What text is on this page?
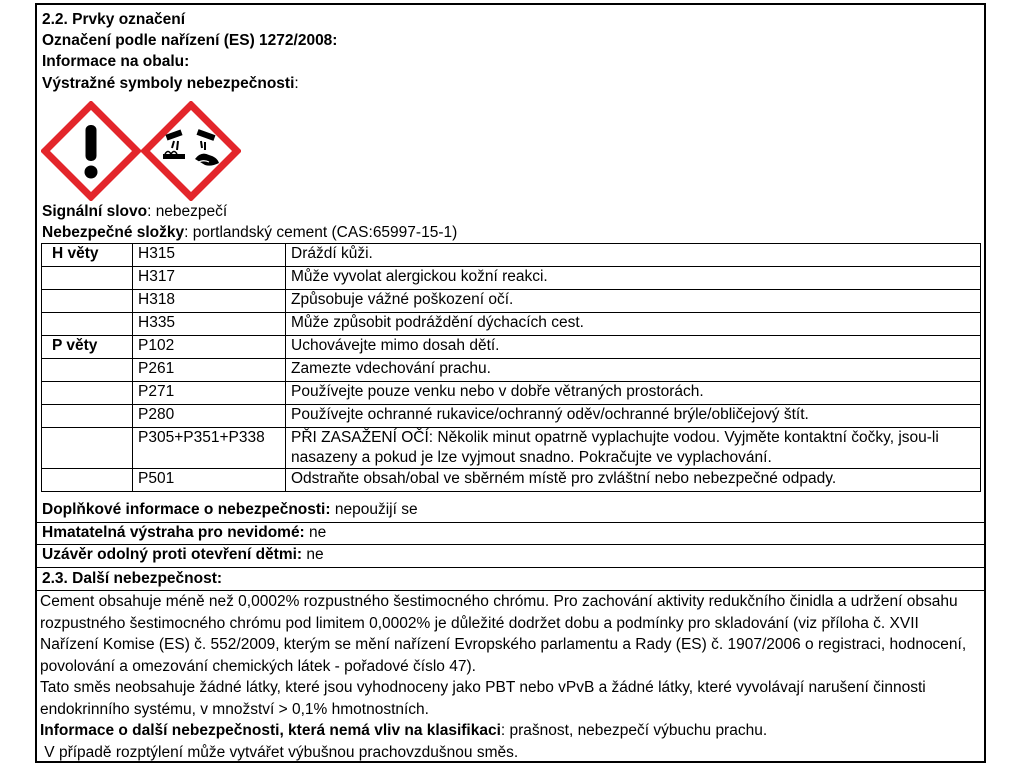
2.2. Prvky označení
Označení podle nařízení (ES) 1272/2008:
Informace na obalu:
Výstražné symboly nebezpečnosti:
Signální slovo: nebezpečí
Nebezpečné složky: portlandský cement (CAS:65997-15-1)
H věty	H315	Dráždí kůži.
	H317	Může vyvolat alergickou kožní reakci.
	H318	Způsobuje vážné poškození očí.
	H335	Může způsobit podráždění dýchacích cest.
P věty	P102	Uchovávejte mimo dosah dětí.
	P261	Zamezte vdechování prachu.
	P271	Používejte pouze venku nebo v dobře větraných prostorách.
	P280	Používejte ochranné rukavice/ochranný oděv/ochranné brýle/obličejový štít.
	P305+P351+P338	PŘI ZASAŽENÍ OČÍ: Několik minut opatrně vyplachujte vodou. Vyjměte kontaktní čočky, jsou-li nasazeny a pokud je lze vyjmout snadno. Pokračujte ve vyplachování.
	P501	Odstraňte obsah/obal ve sběrném místě pro zvláštní nebo nebezpečné odpady.
Doplňkové informace o nebezpečnosti: nepoužijí se
Hmatatelná výstraha pro nevidomé: ne
Uzávěr odolný proti otevření dětmi: ne
2.3. Další nebezpečnost:

Cement obsahuje méně než 0,0002% rozpustného šestimocného chrómu. Pro zachování aktivity redukčního činidla a udržení obsahu rozpustného šestimocného chrómu pod limitem 0,0002% je důležité dodržet dobu a podmínky pro skladování (viz příloha č. XVII Nařízení Komise (ES) č. 552/2009, kterým se mění nařízení Evropského parlamentu a Rady (ES) č. 1907/2006 o registraci, hodnocení, povolování a omezování chemických látek - pořadové číslo 47).

Tato směs neobsahuje žádné látky, které jsou vyhodnoceny jako PBT nebo vPvB a žádné látky, které vyvolávají narušení činnosti endokrinního systému, v množství > 0,1% hmotnostních.

Informace o další nebezpečnosti, která nemá vliv na klasifikaci: prašnost, nebezpečí výbuchu prachu.

V případě rozptýlení může vytvářet výbušnou prachovzdušnou směs.
